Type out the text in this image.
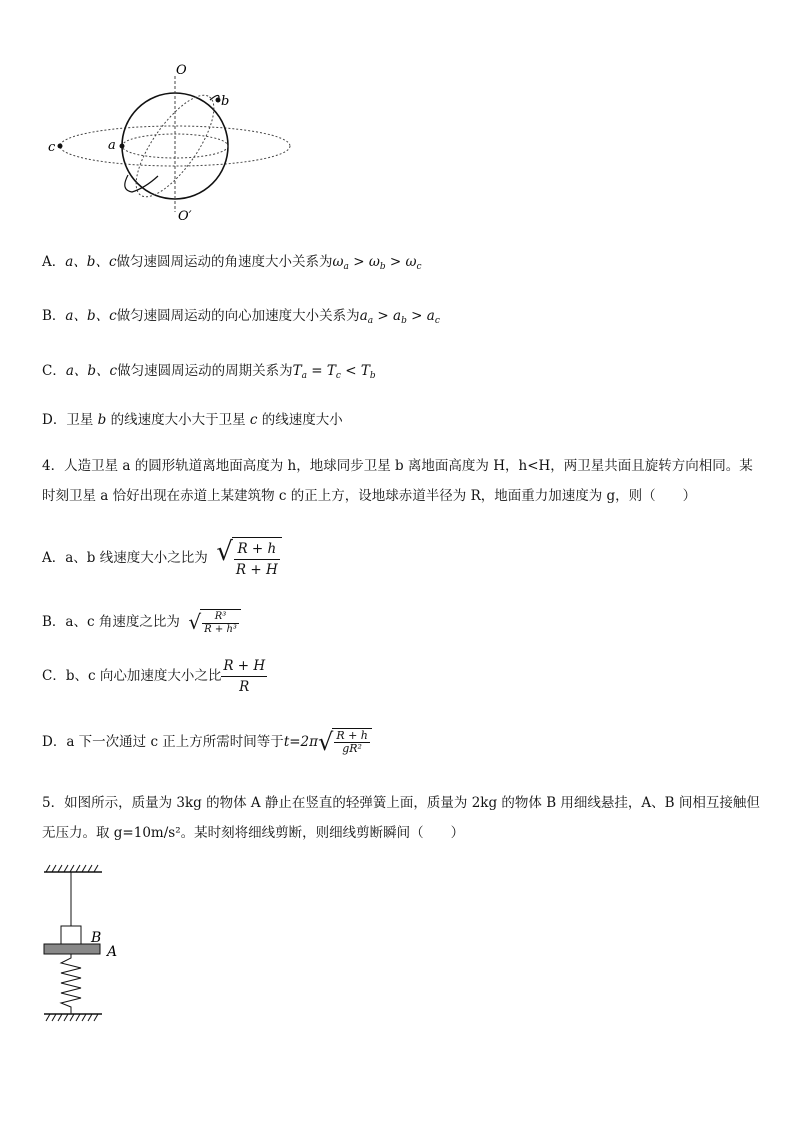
O
O′
a
b
c
A．a、b、c做匀速圆周运动的角速度大小关系为$\omega_a > \omega_b > \omega_c$
B．a、b、c做匀速圆周运动的向心加速度大小关系为$a_a > a_b > a_c$
C．a、b、c做匀速圆周运动的周期关系为$T_a = T_c < T_b$
D．卫星 b 的线速度大小大于卫星 c 的线速度大小
4．人造卫星 a 的圆形轨道离地面高度为 h，地球同步卫星 b 离地面高度为 H，h<H，两卫星共面且旋转方向相同。某
时刻卫星 a 恰好出现在赤道上某建筑物 c 的正上方，设地球赤道半径为 R，地面重力加速度为 g，则（　　）
A．a、b 线速度大小之比为
√ $\frac{R + h}{R + H}$
B．a、c 角速度之比为
√ $\frac{\text{R³}}{\text{R + h³}}$
C．b、c 向心加速度大小之比 $\frac{R + H}{R}$
D．a 下一次通过 c 正上方所需时间等于 t=2π √ $\frac{R + h}{\text{gR²}}$
5．如图所示，质量为 3kg 的物体 A 静止在竖直的轻弹簧上面，质量为 2kg 的物体 B 用细线悬挂，A、B 间相互接触但
无压力。取 g=10m/s²。某时刻将细线剪断，则细线剪断瞬间（　　）
B
A
